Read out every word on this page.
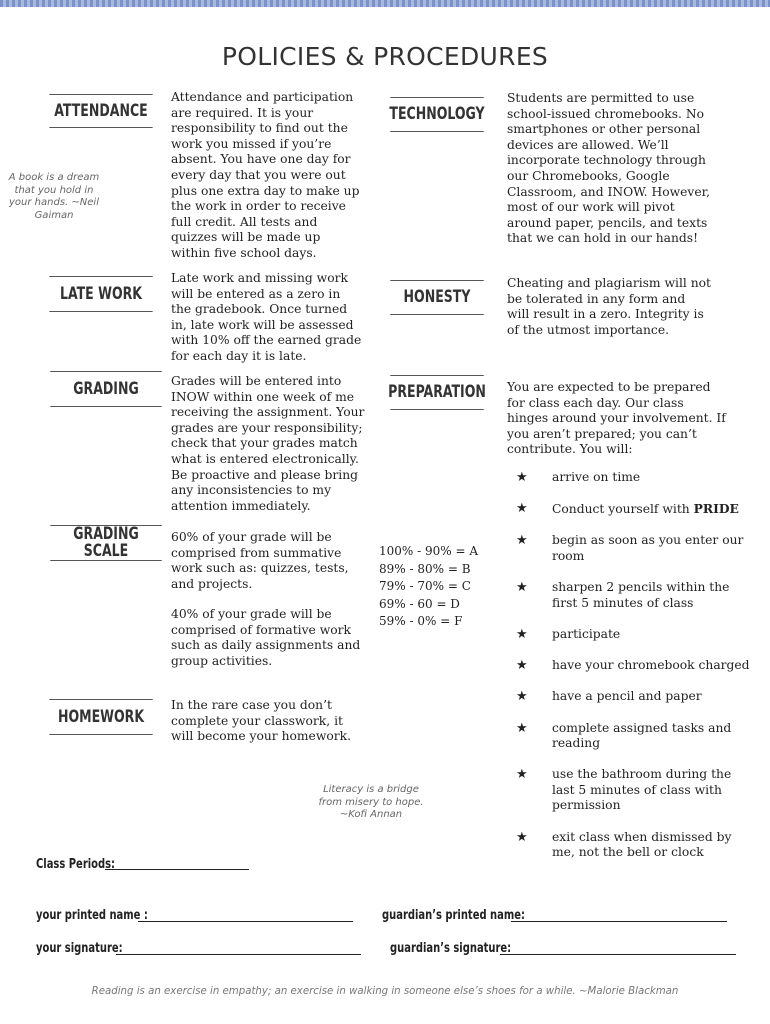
POLICIES & PROCEDURES
ATTENDANCE
LATE WORK
GRADING
GRADING SCALE
HOMEWORK
Attendance and participation are required. It is your responsibility to find out the work you missed if you’re absent. You have one day for every day that you were out plus one extra day to make up the work in order to receive full credit. All tests and quizzes will be made up within five school days.
Late work and missing work will be entered as a zero in the gradebook. Once turned in, late work will be assessed with 10% off the earned grade for each day it is late.
Grades will be entered into INOW within one week of me receiving the assignment. Your grades are your responsibility; check that your grades match what is entered electronically. Be proactive and please bring any inconsistencies to my attention immediately.
60% of your grade will be comprised from summative work such as: quizzes, tests, and projects.
40% of your grade will be comprised of formative work such as daily assignments and group activities.
In the rare case you don’t complete your classwork, it will become your homework.
100% - 90% = A
89% - 80% = B
79% - 70% = C
69% - 60 = D
59% - 0% = F
A book is a dream that you hold in your hands. ~Neil Gaiman
Literacy is a bridge from misery to hope. ~Kofi Annan
TECHNOLOGY
HONESTY
PREPARATION
Students are permitted to use school-issued chromebooks. No smartphones or other personal devices are allowed. We’ll incorporate technology through our Chromebooks, Google Classroom, and INOW. However, most of our work will pivot around paper, pencils, and texts that we can hold in our hands!
Cheating and plagiarism will not be tolerated in any form and will result in a zero. Integrity is of the utmost importance.
You are expected to be prepared for class each day. Our class hinges around your involvement. If you aren’t prepared; you can’t contribute. You will:
★ arrive on time
★ Conduct yourself with PRIDE
★ begin as soon as you enter our room
★ sharpen 2 pencils within the first 5 minutes of class
★ participate
★ have your chromebook charged
★ have a pencil and paper
★ complete assigned tasks and reading
★ use the bathroom during the last 5 minutes of class with permission
★ exit class when dismissed by me, not the bell or clock
Class Periods:
your printed name :
your signature:
guardian’s printed name:
guardian’s signature:
Reading is an exercise in empathy; an exercise in walking in someone else’s shoes for a while. ~Malorie Blackman
